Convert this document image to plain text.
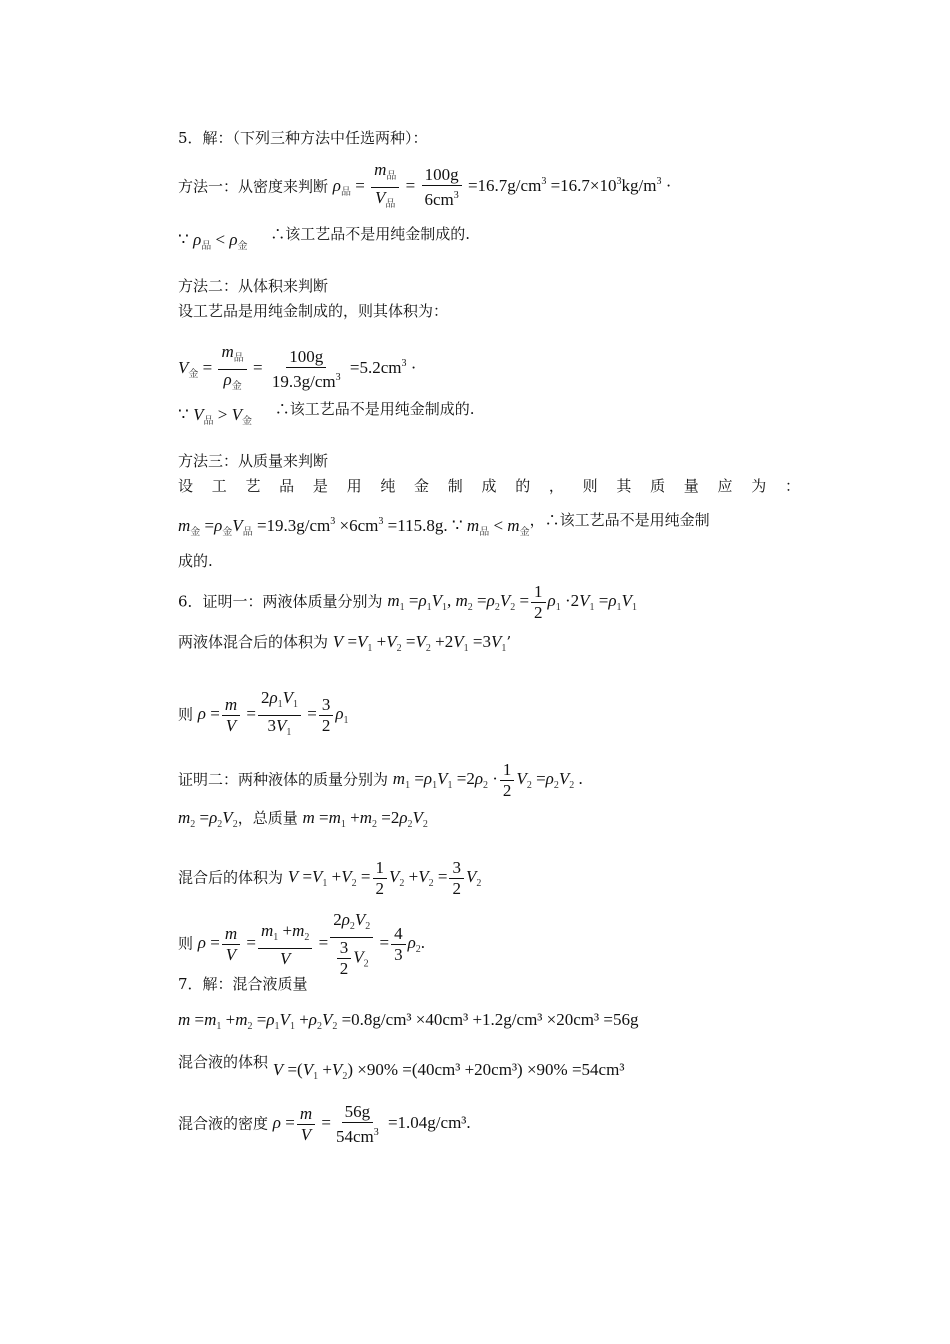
5．解：（下列三种方法中任选两种）：
方法一：从密度来判断 $\rho_品 = \frac{m_品}{V_品} = \frac{100g}{6cm^3} =16.7g/cm^3 =16.7\times 10^3kg/m^3$ ·
∵ $\rho_品 < \rho_金$ ∴该工艺品不是用纯金制成的.
方法二：从体积来判断
设工艺品是用纯金制成的，则其体积为：
$V_金 = \frac{m_品}{\rho_金} = \frac{100g}{19.3g/cm^3} =5.2cm^3$ ·
∵ $V_品 > V_金$ ∴该工艺品不是用纯金制成的.
方法三：从质量来判断
设 工 艺 品 是 用 纯 金 制 成 的 ， 则 其 质 量 应 为 ：
$m_金 =\rho_金V_品 =19.3g/cm^3 \times 6cm^3 =115.8g$. ∵ $m_品 < m_金$，∴该工艺品不是用纯金制
成的.
6．证明一：两液体质量分别为 $m_1 =\rho_1V_1$, $m_2 =\rho_2V_2 = \frac{1}{2} \rho_1 \cdot 2V_1 =\rho_1V_1$
两液体混合后的体积为 $V =V_1 +V_2 =V_2 +2V_1 =3V_1$’
则 $\rho = \frac{m}{V} = \frac{2\rho_1V_1}{3V_1} = \frac{3}{2} \rho_1$
证明二：两种液体的质量分别为 $m_1 =\rho_1V_1 =2\rho_2 \cdot \frac{1}{2} V_2 =\rho_2V_2$ .
$m_2 =\rho_2V_2$，总质量 $m =m_1 +m_2 =2\rho_2V_2$
混合后的体积为 $V =V_1 +V_2 = \frac{1}{2} V_2 +V_2 = \frac{3}{2} V_2$
则 $\rho = \frac{m}{V} = \frac{m_1 +m_2}{V} = \frac{2\rho_2V_2}{\frac{3}{2} V_2} = \frac{4}{3} \rho_2$.
7．解：混合液质量
$m =m_1 +m_2 =\rho_1V_1 +\rho_2V_2 =0.8g/cm^3 \times 40cm^3 +1.2g/cm^3 \times 20cm^3 =56g$
混合液的体积 $V =(V_1 +V_2) \times 90\% =(40cm^3 +20cm^3) \times 90\% =54cm^3$
混合液的密度 $\rho = \frac{m}{V} = \frac{56g}{54cm^3} =1.04g/cm^3$.
